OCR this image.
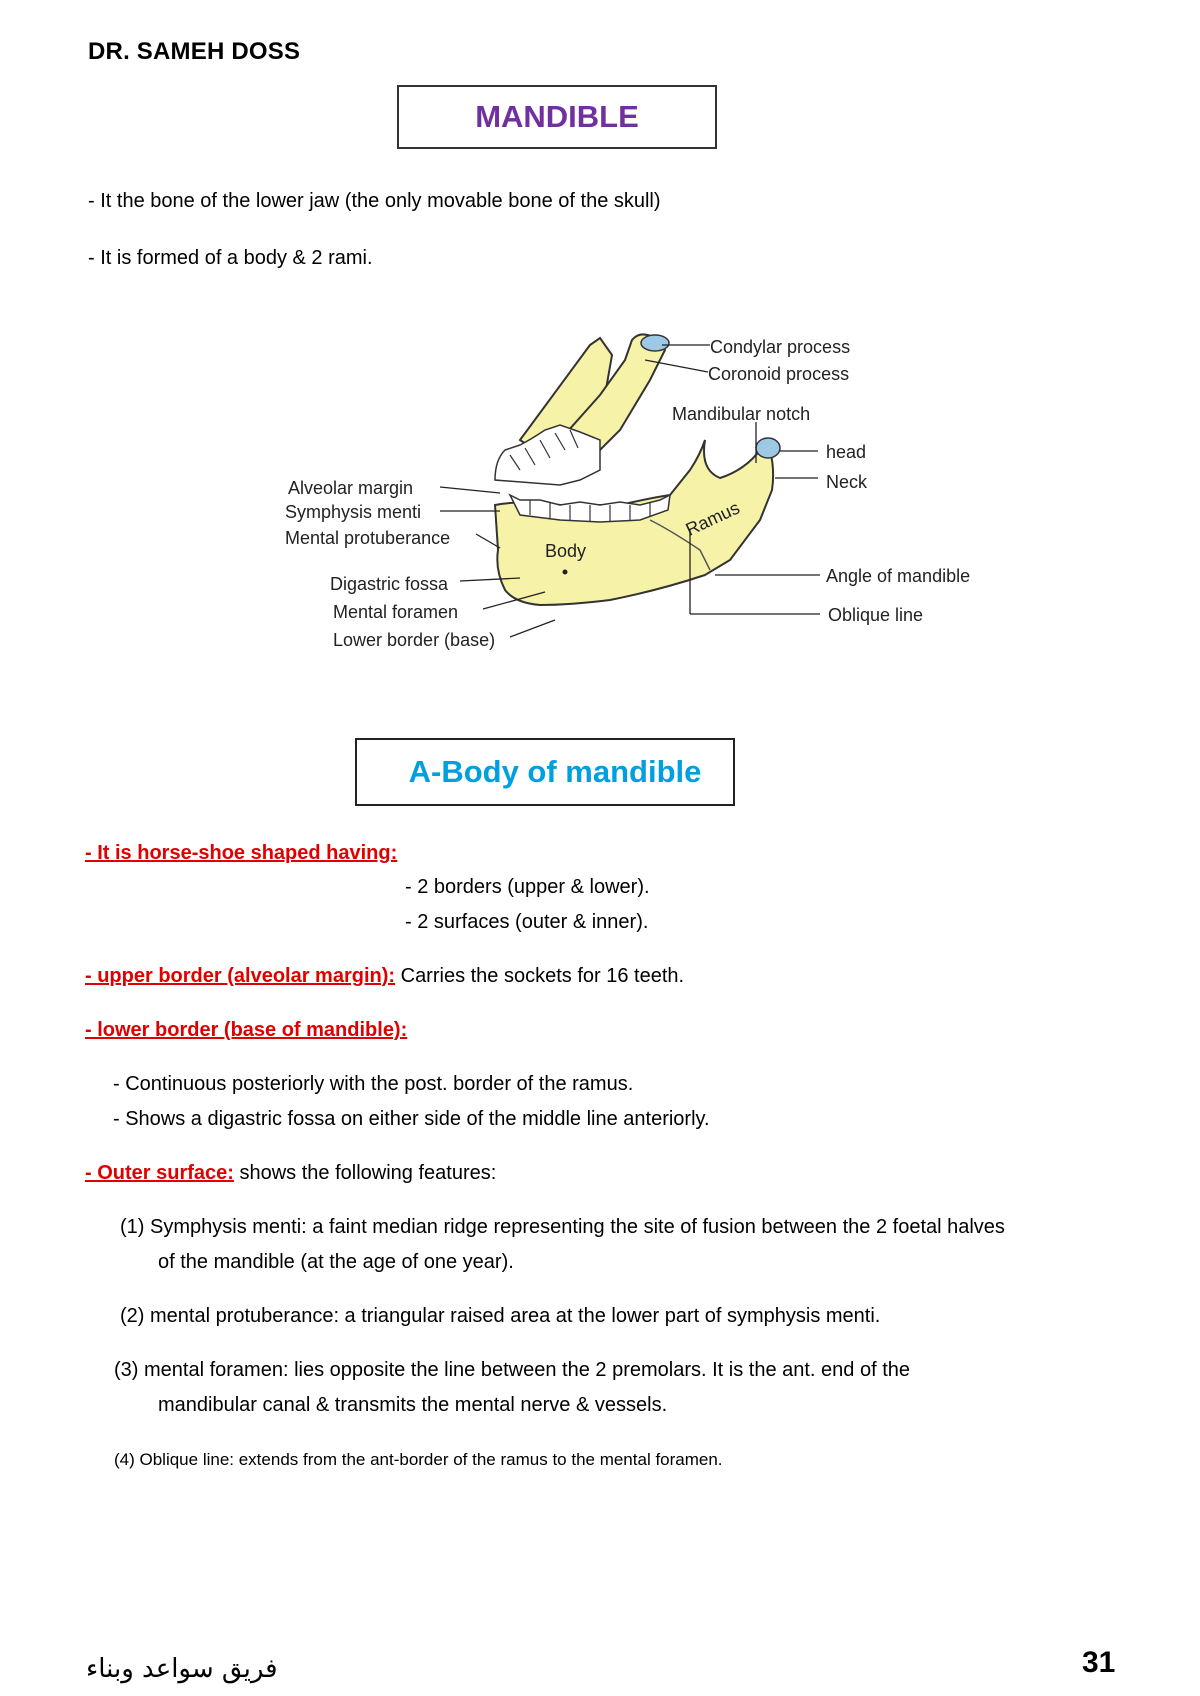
DR. SAMEH DOSS
MANDIBLE
- It the bone of the lower jaw (the only movable bone of the skull)
- It is formed of a body & 2 rami.
Condylar process
Coronoid process
Mandibular notch
head
Neck
Alveolar margin
Symphysis menti
Mental protuberance	Ramus
Body
Digastric fossa
Mental foramen
Lower border (base)
Angle of mandible
Oblique line
A-Body of mandible
- It is horse-shoe shaped having:
- 2 borders (upper & lower).
- 2 surfaces (outer & inner).
- upper border (alveolar margin): Carries the sockets for 16 teeth.
- lower border (base of mandible):
- Continuous posteriorly with the post. border of the ramus.
- Shows a digastric fossa on either side of the middle line anteriorly.
- Outer surface: shows the following features:
(1) Symphysis menti: a faint median ridge representing the site of fusion between the 2 foetal halves
of the mandible (at the age of one year).
(2) mental protuberance: a triangular raised area at the lower part of symphysis menti.
(3) mental foramen: lies opposite the line between the 2 premolars. It is the ant. end of the
mandibular canal & transmits the mental nerve & vessels.
(4) Oblique line: extends from the ant-border of the ramus to the mental foramen.
فريق سواعد وبناء	31
